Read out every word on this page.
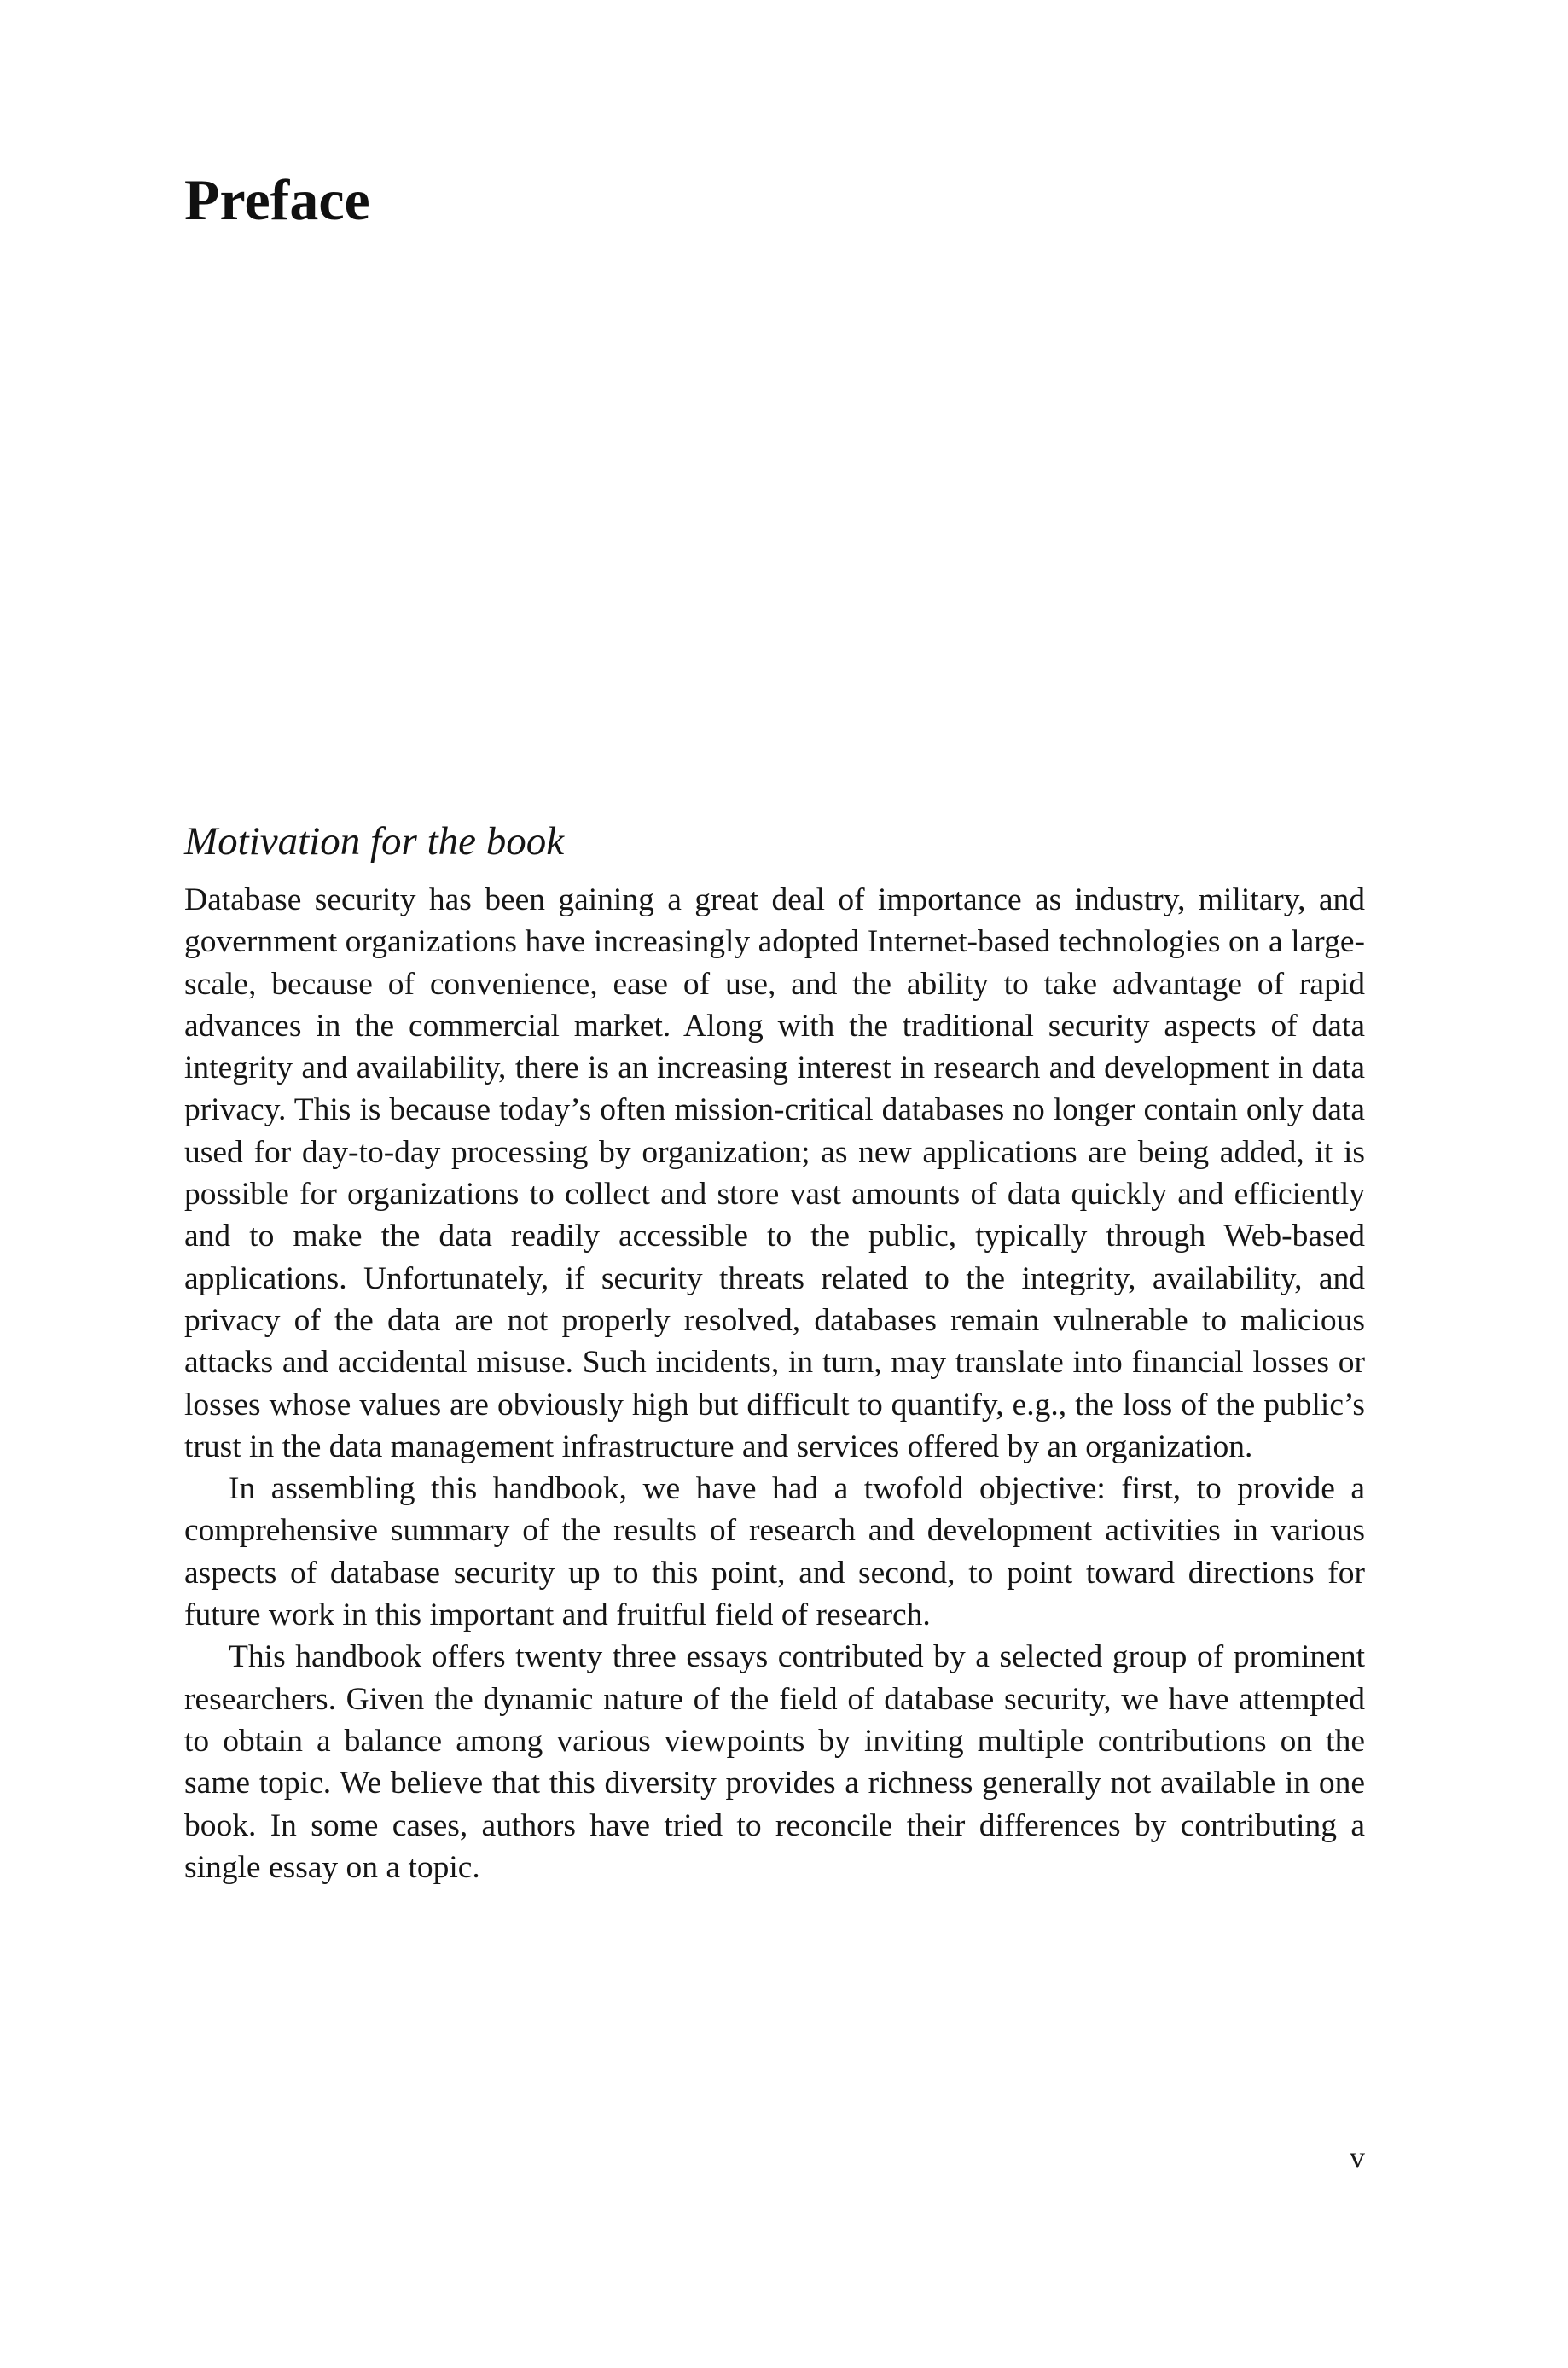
Preface
Motivation for the book

Database security has been gaining a great deal of importance as industry, military, and government organizations have increasingly adopted Internet-based technologies on a large-scale, because of convenience, ease of use, and the ability to take advantage of rapid advances in the commercial market. Along with the traditional security aspects of data integrity and availability, there is an increasing interest in research and development in data privacy. This is because today’s often mission-critical databases no longer contain only data used for day-to-day processing by organization; as new applications are being added, it is possible for organizations to collect and store vast amounts of data quickly and efficiently and to make the data readily accessible to the public, typically through Web-based applications. Unfortunately, if security threats related to the integrity, availability, and privacy of the data are not properly resolved, databases remain vulnerable to malicious attacks and accidental misuse. Such incidents, in turn, may translate into financial losses or losses whose values are obviously high but difficult to quantify, e.g., the loss of the public’s trust in the data management infrastructure and services offered by an organization.

In assembling this handbook, we have had a twofold objective: first, to provide a comprehensive summary of the results of research and development activities in various aspects of database security up to this point, and second, to point toward directions for future work in this important and fruitful field of research.

This handbook offers twenty three essays contributed by a selected group of prominent researchers. Given the dynamic nature of the field of database security, we have attempted to obtain a balance among various viewpoints by inviting multiple contributions on the same topic. We believe that this diversity provides a richness generally not available in one book. In some cases, authors have tried to reconcile their differences by contributing a single essay on a topic.

v
